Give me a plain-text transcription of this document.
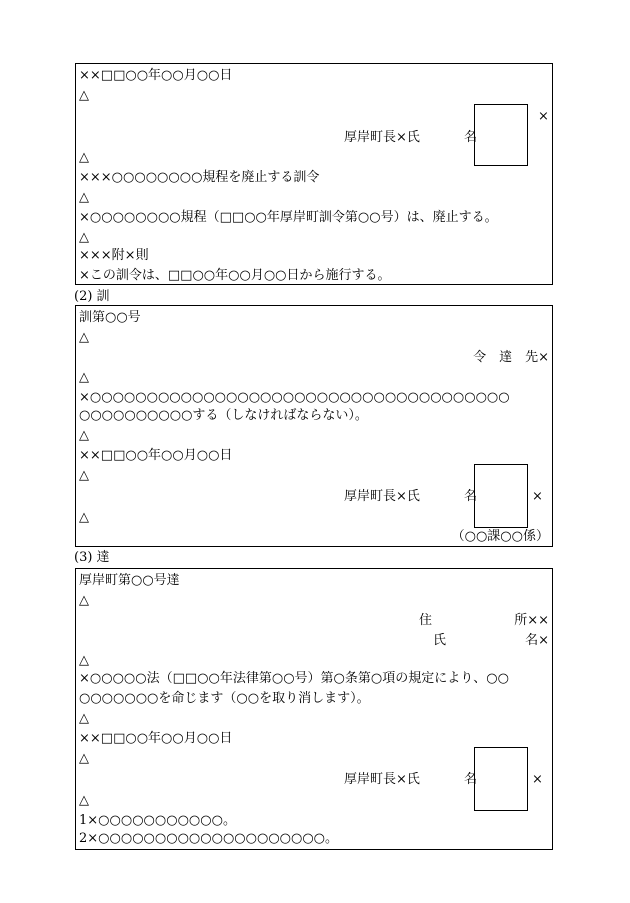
××□□○○年○○月○○日
△
×
厚岸町長×氏	名
△
×××○○○○○○○○規程を廃止する訓令
△
×○○○○○○○○規程（□□○○年厚岸町訓令第○○号）は、廃止する。
△
×××附×則
×この訓令は、□□○○年○○月○○日から施行する。
(2) 訓
訓第○○号
△
令　達　先×
△
×○○○○○○○○○○○○○○○○○○○○○○○○○○○○○○○○○○○○○
○○○○○○○○○○する（しなければならない）。
△
××□□○○年○○月○○日
△
厚岸町長×氏	名	×
△
（○○課○○係）
(3) 達
厚岸町第○○号達
△
住	所××
氏	名×
△
×○○○○○法（□□○○年法律第○○号）第○条第○項の規定により、○○
○○○○○○○を命じます（○○を取り消します）。
△
××□□○○年○○月○○日
△
厚岸町長×氏	名	×
△
1×○○○○○○○○○○○。
2×○○○○○○○○○○○○○○○○○○○○。
